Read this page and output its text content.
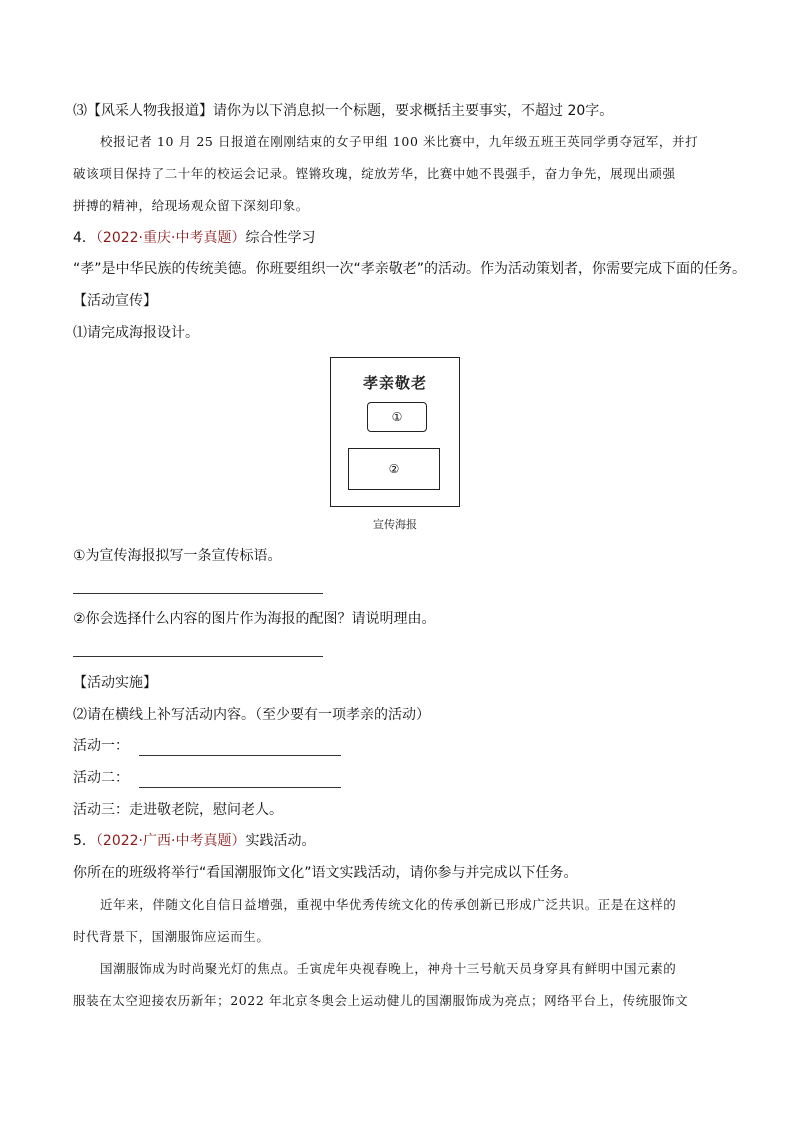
⑶【风采人物我报道】请你为以下消息拟一个标题，要求概括主要事实，不超过 20字。
校报记者 10 月 25 日报道在刚刚结束的女子甲组 100 米比赛中，九年级五班王英同学勇夺冠军，并打
破该项目保持了二十年的校运会记录。铿锵玫瑰，绽放芳华，比赛中她不畏强手，奋力争先，展现出顽强
拼搏的精神，给现场观众留下深刻印象。
4．（2022·重庆·中考真题）综合性学习
“孝”是中华民族的传统美德。你班要组织一次“孝亲敬老”的活动。作为活动策划者，你需要完成下面的任务。
【活动宣传】
⑴请完成海报设计。
孝亲敬老
①
②
宣传海报
①为宣传海报拟写一条宣传标语。
②你会选择什么内容的图片作为海报的配图？请说明理由。
【活动实施】
⑵请在横线上补写活动内容。（至少要有一项孝亲的活动）
活动一：
活动二：
活动三：走进敬老院，慰问老人。
5．（2022·广西·中考真题）实践活动。
你所在的班级将举行“看国潮服饰文化”语文实践活动，请你参与并完成以下任务。
近年来，伴随文化自信日益增强，重视中华优秀传统文化的传承创新已形成广泛共识。正是在这样的
时代背景下，国潮服饰应运而生。
国潮服饰成为时尚聚光灯的焦点。壬寅虎年央视春晚上，神舟十三号航天员身穿具有鲜明中国元素的
服装在太空迎接农历新年；2022 年北京冬奥会上运动健儿的国潮服饰成为亮点；网络平台上，传统服饰文
